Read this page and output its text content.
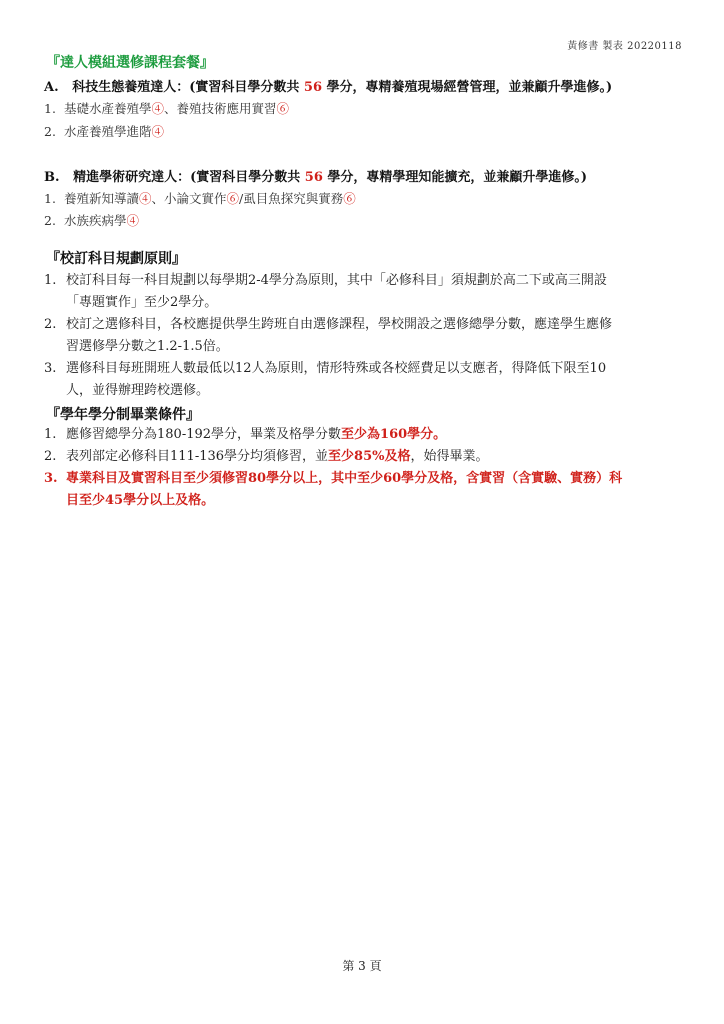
黃修書 製表 20220118
『達人模組選修課程套餐』
A. 科技生態養殖達人：(實習科目學分數共 56 學分，專精養殖現場經營管理，並兼顧升學進修。)
1. 基礎水產養殖學④、養殖技術應用實習⑥
2. 水產養殖學進階④
B. 精進學術研究達人：(實習科目學分數共 56 學分，專精學理知能擴充，並兼顧升學進修。)
1. 養殖新知導讀④、小論文實作⑥/虱目魚探究與實務⑥
2. 水族疾病學④
『校訂科目規劃原則』
1. 校訂科目每一科目規劃以每學期2-4學分為原則，其中「必修科目」須規劃於高二下或高三開設
「專題實作」至少2學分。
2. 校訂之選修科目，各校應提供學生跨班自由選修課程，學校開設之選修總學分數，應達學生應修
習選修學分數之1.2-1.5倍。
3. 選修科目每班開班人數最低以12人為原則，情形特殊或各校經費足以支應者，得降低下限至10
人，並得辦理跨校選修。
『學年學分制畢業條件』
1. 應修習總學分為180-192學分，畢業及格學分數至少為160學分。
2. 表列部定必修科目111-136學分均須修習，並至少85%及格，始得畢業。
3. 專業科目及實習科目至少須修習80學分以上，其中至少60學分及格，含實習（含實驗、實務）科
目至少45學分以上及格。
第 3 頁
